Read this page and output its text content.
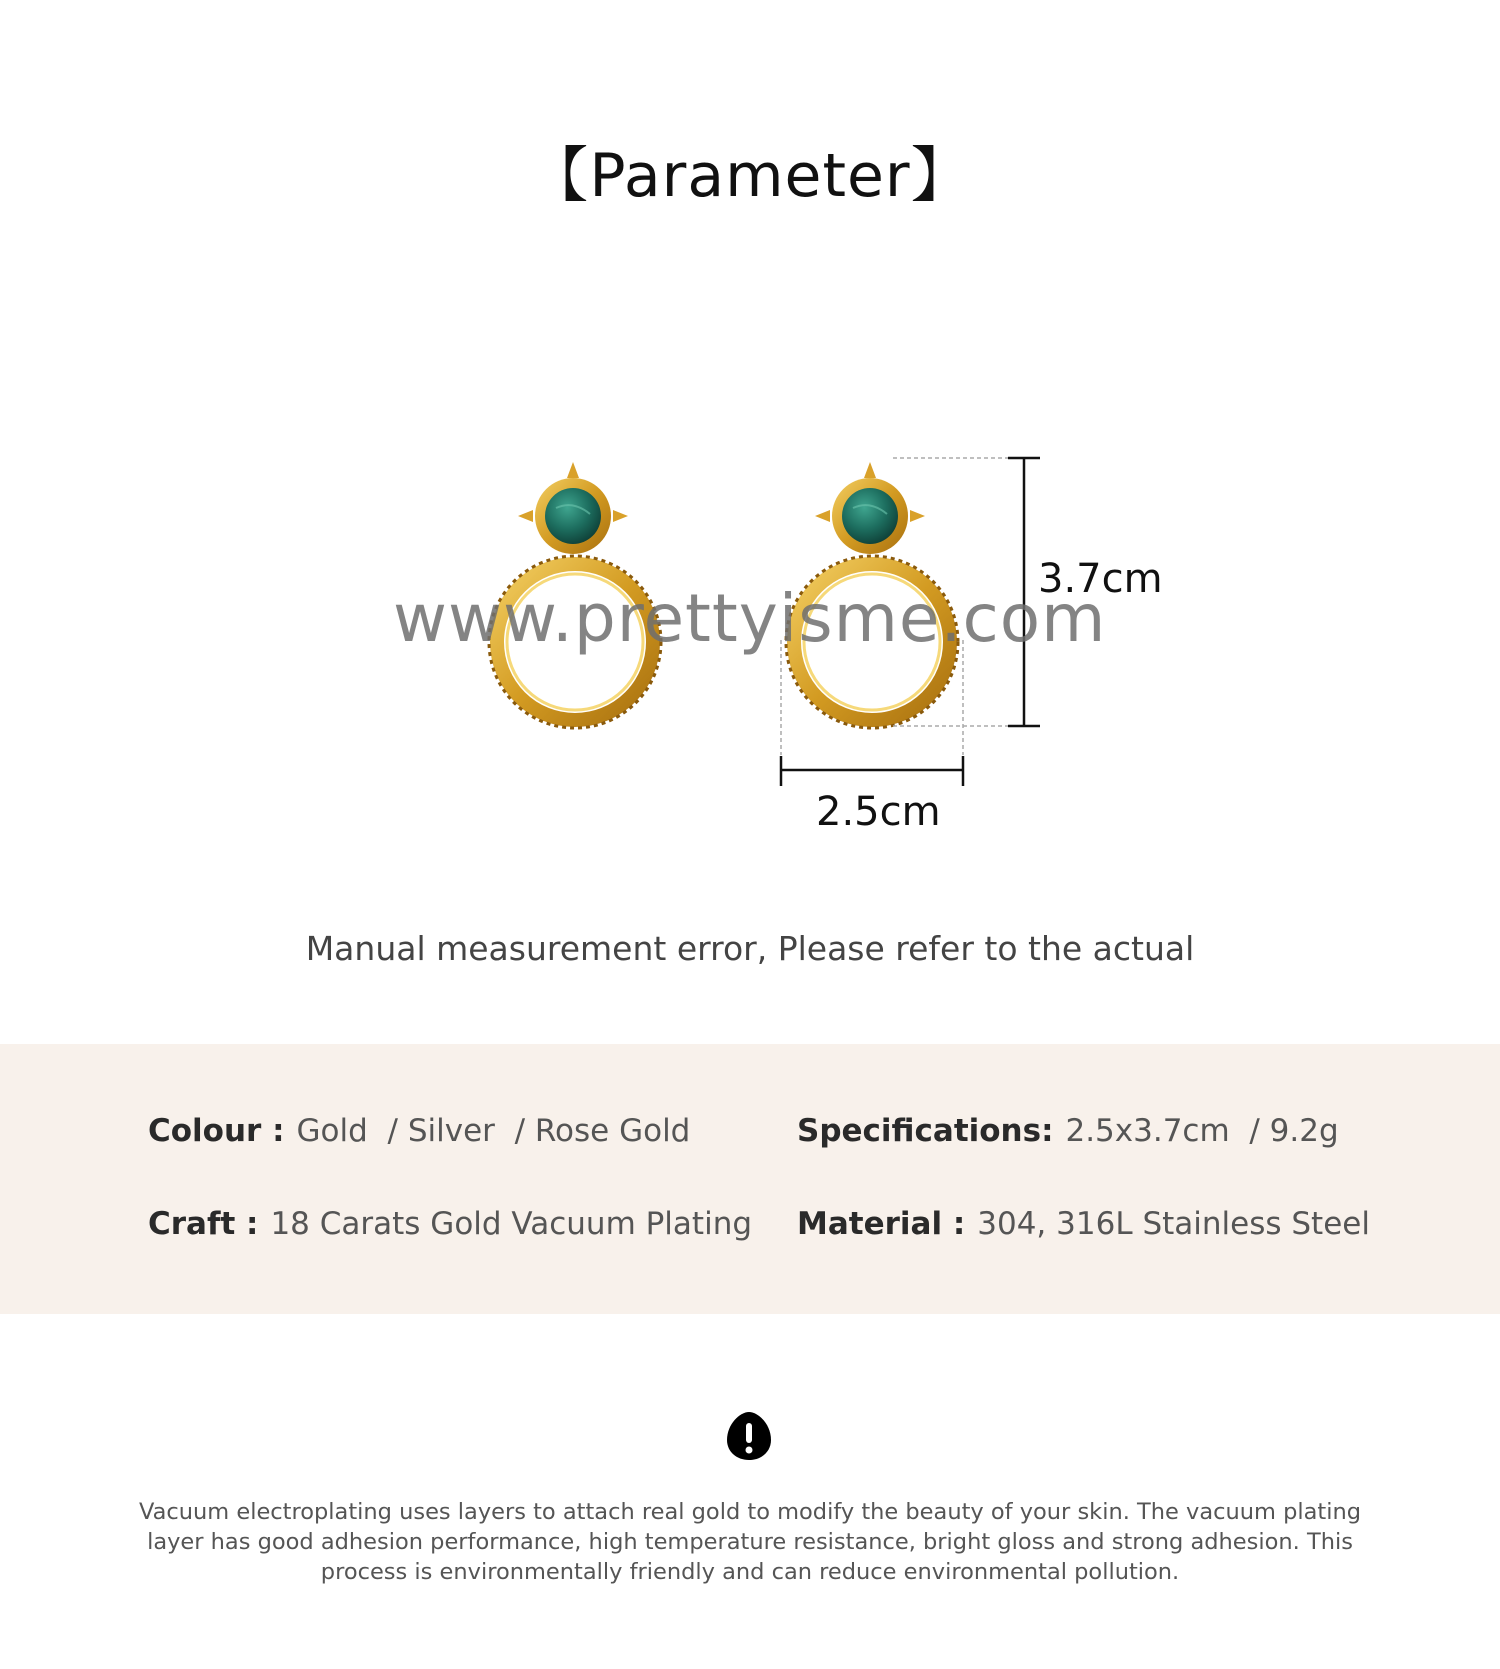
【Parameter】
www.prettyisme.com
3.7cm
2.5cm
Manual measurement error, Please refer to the actual
Colour : Gold  / Silver  / Rose Gold	Specifications: 2.5x3.7cm  / 9.2g
Craft : 18 Carats Gold Vacuum Plating Material : 304, 316L Stainless Steel
Vacuum electroplating uses layers to attach real gold to modify the beauty of your skin. The vacuum plating layer has good adhesion performance, high temperature resistance, bright gloss and strong adhesion. This process is environmentally friendly and can reduce environmental pollution.
